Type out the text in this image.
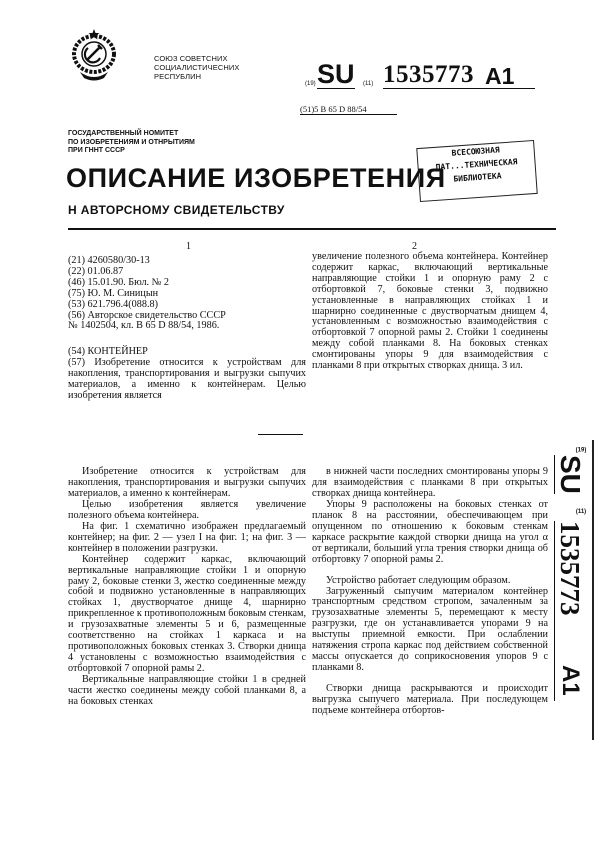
СОЮЗ СОВЕТСНИХ
СОЦИАЛИСТИЧЕСНИХ
РЕСПУБЛИН
(19) SU (11) 1535773 A1
(51)5 B 65 D 88/54
ГОСУДАРСТВЕННЫЙ НОМИТЕТ
ПО ИЗОБРЕТЕНИЯМ И ОТНРЫТИЯМ
ПРИ ГННТ СССР	ВСЕСОЮЗНАЯ
ПАТ...ТЕХНИЧЕСКАЯ
БИБЛИОТЕКА
ОПИСАНИЕ ИЗОБРЕТЕНИЯ
Н АВТОРСНОМУ СВИДЕТЕЛЬСТВУ
1	2
(21) 4260580/30-13
(22) 01.06.87
(46) 15.01.90. Бюл. № 2
(75) Ю. М. Синицын
(53) 621.796.4(088.8)
(56) Авторское свидетельство СССР
№ 1402504, кл. B 65 D 88/54, 1986.
(54) КОНТЕЙНЕР
(57) Изобретение относится к устройствам для накопления, транспортирования и выгрузки сыпучих материалов, а именно к контейнерам. Целью изобретения является
увеличение полезного объема контейнера. Контейнер содержит каркас, включающий вертикальные направляющие стойки 1 и опорную раму 2 с отбортовкой 7, боковые стенки 3, подвижно установленные в направляющих стойках 1 и шарнирно соединенные с двустворчатым днищем 4, установленным с возможностью взаимодействия с отбортовкой 7 опорной рамы 2. Стойки 1 соединены между собой планками 8. На боковых стенках смонтированы упоры 9 для взаимодействия с планками 8 при открытых створках днища. 3 ил.

Изобретение относится к устройствам для накопления, транспортирования и выгрузки сыпучих материалов, а именно к контейнерам.

Целью изобретения является увеличение полезного объема контейнера.

На фиг. 1 схематично изображен предлагаемый контейнер; на фиг. 2 — узел I на фиг. 1; на фиг. 3 — контейнер в положении разгрузки.

Контейнер содержит каркас, включающий вертикальные направляющие стойки 1 и опорную раму 2, боковые стенки 3, жестко соединенные между собой и подвижно установленные в направляющих стойках 1, двустворчатое днище 4, шарнирно прикрепленное к противоположным боковым стенкам, и грузозахватные элементы 5 и 6, размещенные соответственно на стойках 1 каркаса и на противоположных боковых стенках 3. Створки днища 4 установлены с возможностью взаимодействия с отбортовкой 7 опорной рамы 2.

Вертикальные направляющие стойки 1 в средней части жестко соединены между собой планками 8, а на боковых стенках

в нижней части последних смонтированы упоры 9 для взаимодействия с планками 8 при открытых створках днища контейнера.

Упоры 9 расположены на боковых стенках от планок 8 на расстоянии, обеспечивающем при опущенном по отношению к боковым стенкам каркасе раскрытие каждой створки днища на угол α от вертикали, больший угла трения створки днища об отбортовку 7 опорной рамы 2.

Устройство работает следующим образом.

Загруженный сыпучим материалом контейнер транспортным средством стропом, зачаленным за грузозахватные элементы 5, перемещают к месту разгрузки, где он устанавливается упорами 9 на выступы приемной емкости. При ослаблении натяжения стропа каркас под действием собственной массы опускается до соприкосновения упоров 9 с планками 8.

Створки днища раскрываются и происходит выгрузка сыпучего материала. При последующем подъеме контейнера отбортов-

(19)
SU
(11)
1535773
A1
